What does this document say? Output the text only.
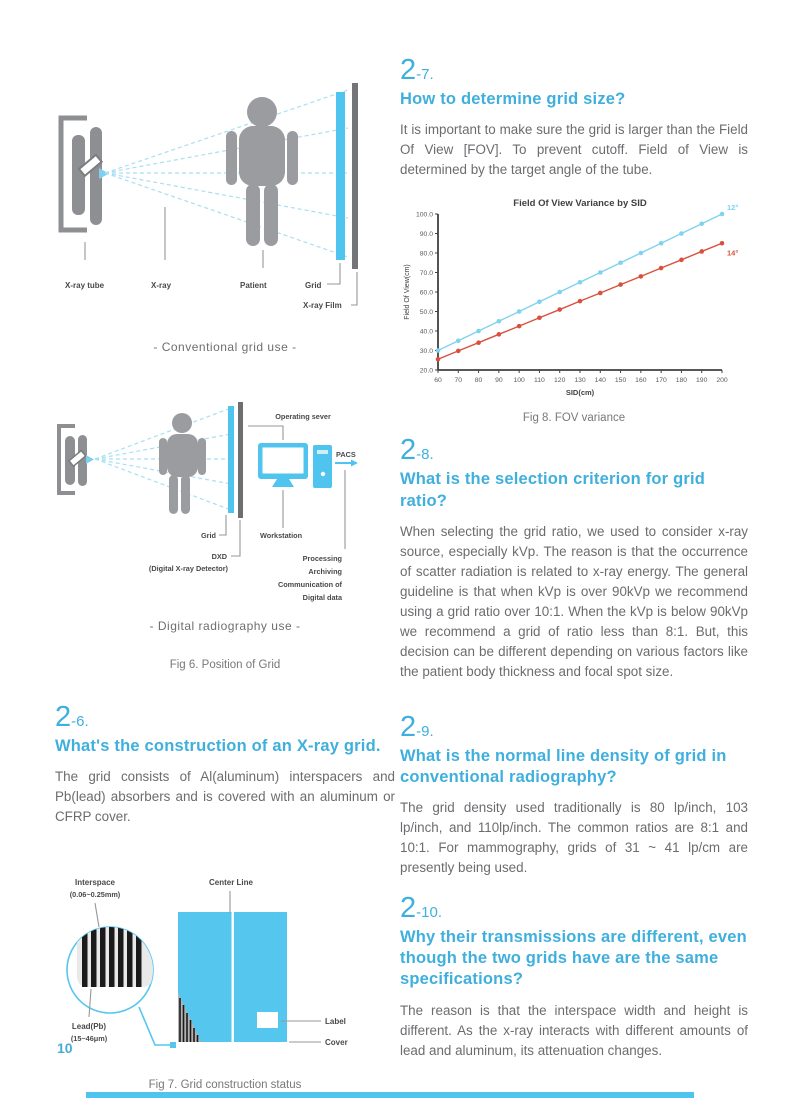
X-ray tube	X-ray	Patient	Grid
X-ray Film
- Conventional grid use -
Operating sever
PACS
Grid	Workstation
DXD
(Digital X-ray Detector)
Processing
Archiving
Communication of
Digital data
- Digital radiography use -
Fig 6. Position of Grid
2-6.
What's the construction of an X-ray grid.
The grid consists of Al(aluminum) interspacers and Pb(lead) absorbers and is covered with an aluminum or CFRP cover.
Interspace
(0.06~0.25mm)
Center Line
Lead(Pb)
(15~46μm)
Label
Cover
Fig 7. Grid construction status
2-7.
How to determine grid size?
It is important to make sure the grid is larger than the Field Of View [FOV]. To prevent cutoff. Field of View is determined by the target angle of the tube.
Field Of View Variance by SID
20.0
30.0
40.0
50.0
60.0
70.0
80.0
90.0
100.0
60 70 80 90 100 110 120 130 140 150 160 170 180 190 200
SID(cm)
Field Of View(cm)
12°
14°
Fig 8. FOV variance
2-8.
What is the selection criterion for grid ratio?
When selecting the grid ratio, we used to consider x-ray source, especially kVp. The reason is that the occurrence of scatter radiation is related to x-ray energy. The general guideline is that when kVp is over 90kVp we recommend using a grid ratio over 10:1. When the kVp is below 90kVp we recommend a grid of ratio less than 8:1. But, this decision can be different depending on various factors like the patient body thickness and focal spot size.
2-9.
What is the normal line density of grid in conventional radiography?
The grid density used traditionally is 80 lp/inch, 103 lp/inch, and 110lp/inch. The common ratios are 8:1 and 10:1. For mammography, grids of 31 ~ 41 lp/cm are presently being used.
2-10.
Why their transmissions are different, even though the two grids have are the same specifications?
The reason is that the interspace width and height is different. As the x-ray interacts with different amounts of lead and aluminum, its attenuation changes.
10
